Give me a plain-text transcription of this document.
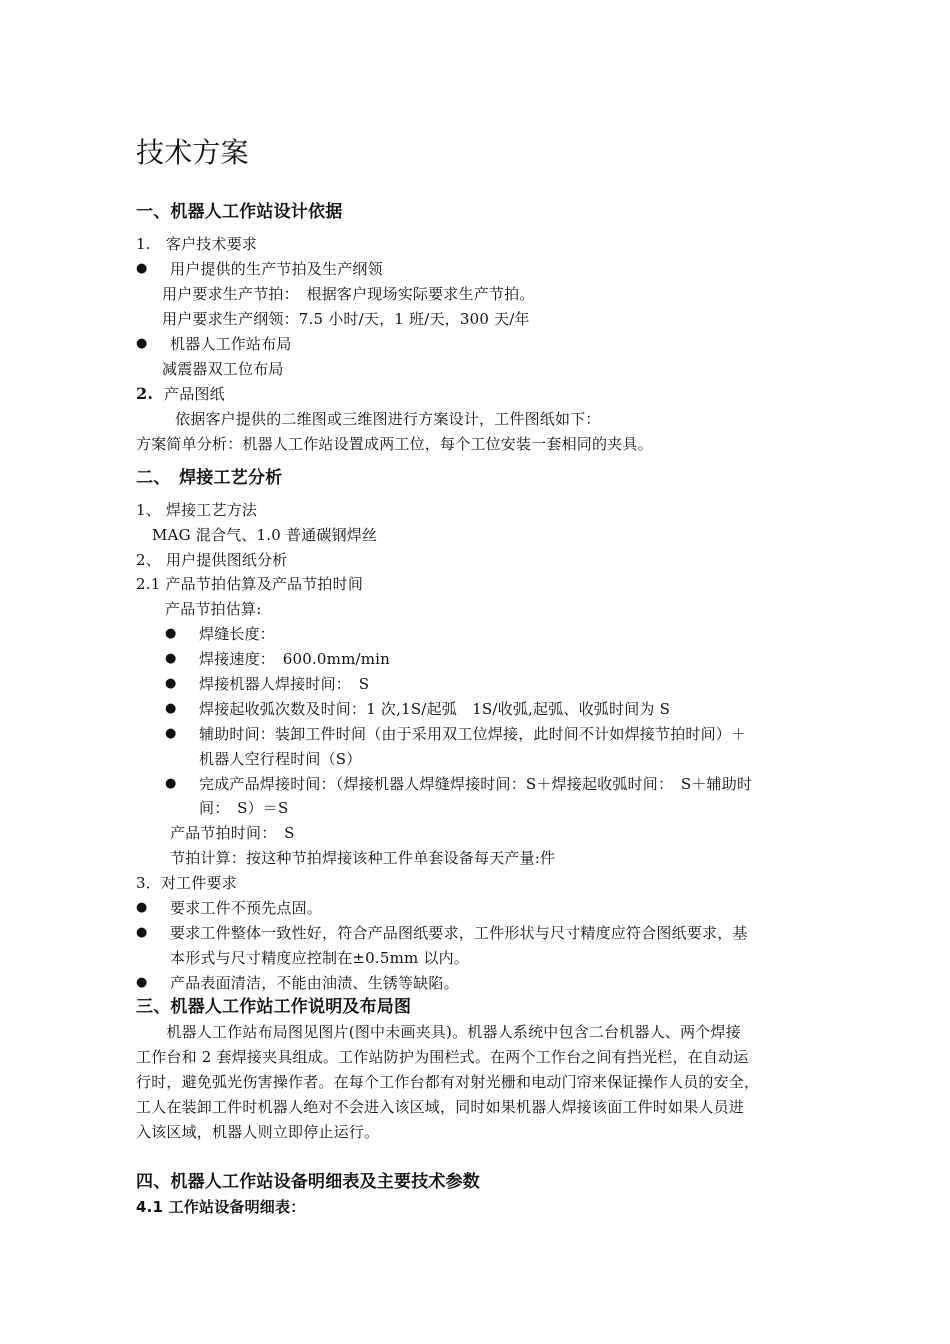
技术方案
一、机器人工作站设计依据
1.　客户技术要求
● 用户提供的生产节拍及生产纲领
用户要求生产节拍：　根据客户现场实际要求生产节拍。
用户要求生产纲领：7.5 小时/天，1 班/天，300 天/年
● 机器人工作站布局
减震器双工位布局
2. 产品图纸
依据客户提供的二维图或三维图进行方案设计，工件图纸如下：
方案简单分析：机器人工作站设置成两工位，每个工位安装一套相同的夹具。
二、　焊接工艺分析
1、 焊接工艺方法
MAG 混合气、1.0 普通碳钢焊丝
2、 用户提供图纸分析
2.1 产品节拍估算及产品节拍时间
产品节拍估算:
● 焊缝长度：
● 焊接速度：　600.0mm/min
● 焊接机器人焊接时间：　S
● 焊接起收弧次数及时间：1 次,1S/起弧　1S/收弧,起弧、收弧时间为 S
● 辅助时间：装卸工件时间（由于采用双工位焊接，此时间不计如焊接节拍时间）＋
机器人空行程时间（S）
● 完成产品焊接时间：（焊接机器人焊缝焊接时间：S＋焊接起收弧时间：　S＋辅助时
间：　S）＝S
产品节拍时间：　S
节拍计算：按这种节拍焊接该种工件单套设备每天产量:件
3．对工件要求
● 要求工件不预先点固。
● 要求工件整体一致性好，符合产品图纸要求，工件形状与尺寸精度应符合图纸要求，基
本形式与尺寸精度应控制在±0.5mm 以内。
● 产品表面清洁，不能由油渍、生锈等缺陷。
三、机器人工作站工作说明及布局图
　　机器人工作站布局图见图片(图中未画夹具)。机器人系统中包含二台机器人、两个焊接
工作台和 2 套焊接夹具组成。工作站防护为围栏式。在两个工作台之间有挡光栏，在自动运
行时，避免弧光伤害操作者。在每个工作台都有对射光栅和电动门帘来保证操作人员的安全，
工人在装卸工件时机器人绝对不会进入该区域，同时如果机器人焊接该面工件时如果人员进
入该区域，机器人则立即停止运行。
四、机器人工作站设备明细表及主要技术参数
4.1 工作站设备明细表：
